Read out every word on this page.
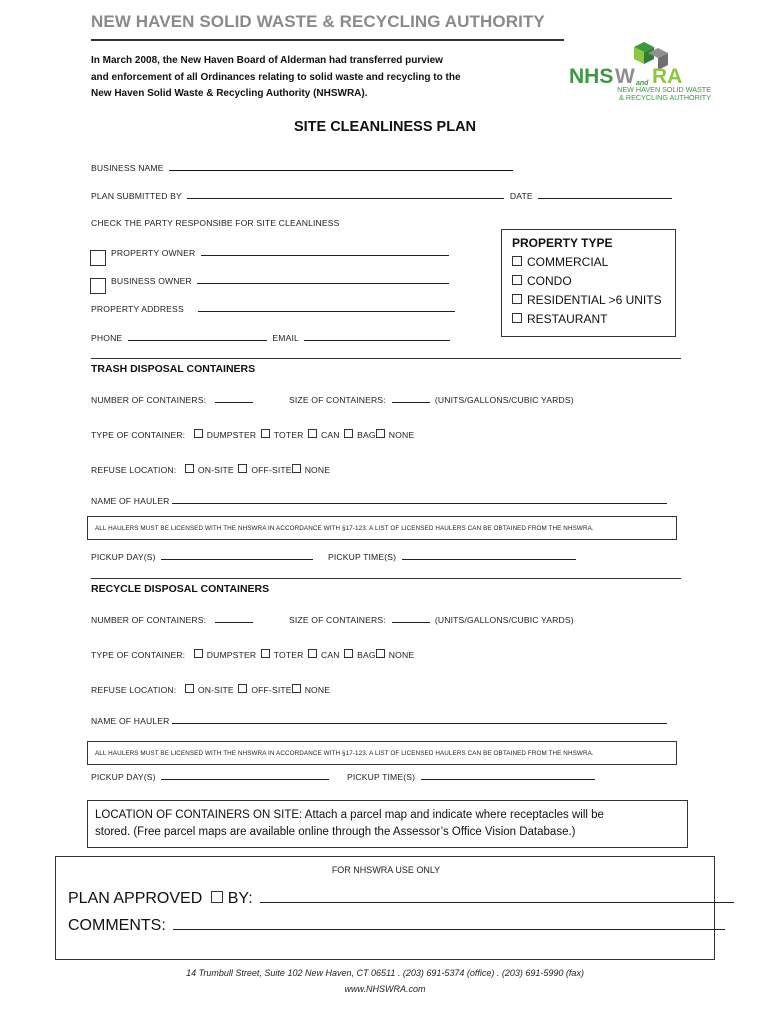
NEW HAVEN SOLID WASTE & RECYCLING AUTHORITY
In March 2008, the New Haven Board of Alderman had transferred purview
and enforcement of all Ordinances relating to solid waste and recycling to the
New Haven Solid Waste & Recycling Authority (NHSWRA).
NHS W and RA
NEW HAVEN SOLID WASTE
& RECYCLING AUTHORITY
SITE CLEANLINESS PLAN
BUSINESS NAME
PLAN SUBMITTED BY	DATE
CHECK THE PARTY RESPONSIBE FOR SITE CLEANLINESS
PROPERTY OWNER
BUSINESS OWNER
PROPERTY ADDRESS
PHONE	EMAIL
PROPERTY TYPE
COMMERCIAL
CONDO
RESIDENTIAL >6 UNITS
RESTAURANT
TRASH DISPOSAL CONTAINERS
NUMBER OF CONTAINERS:	SIZE OF CONTAINERS:	(UNITS/GALLONS/CUBIC YARDS)
TYPE OF CONTAINER:	DUMPSTER TOTER CAN BAG NONE
REFUSE LOCATION:	ON-SITE OFF-SITE NONE
NAME OF HAULER
ALL HAULERS MUST BE LICENSED WITH THE NHSWRA IN ACCORDANCE WITH §17-123. A LIST OF LICENSED HAULERS CAN BE OBTAINED FROM THE NHSWRA.
PICKUP DAY(S)	PICKUP TIME(S)
RECYCLE DISPOSAL CONTAINERS
NUMBER OF CONTAINERS:	SIZE OF CONTAINERS:	(UNITS/GALLONS/CUBIC YARDS)
TYPE OF CONTAINER:	DUMPSTER TOTER CAN BAG NONE
REFUSE LOCATION:	ON-SITE OFF-SITE NONE
NAME OF HAULER
ALL HAULERS MUST BE LICENSED WITH THE NHSWRA IN ACCORDANCE WITH §17-123. A LIST OF LICENSED HAULERS CAN BE OBTAINED FROM THE NHSWRA.
PICKUP DAY(S)	PICKUP TIME(S)
LOCATION OF CONTAINERS ON SITE: Attach a parcel map and indicate where receptacles will be
stored. (Free parcel maps are available online through the Assessor’s Office Vision Database.)
FOR NHSWRA USE ONLY
PLAN APPROVED BY:
COMMENTS:
14 Trumbull Street, Suite 102 New Haven, CT 06511 . (203) 691-5374 (office) . (203) 691-5990 (fax)
www.NHSWRA.com
